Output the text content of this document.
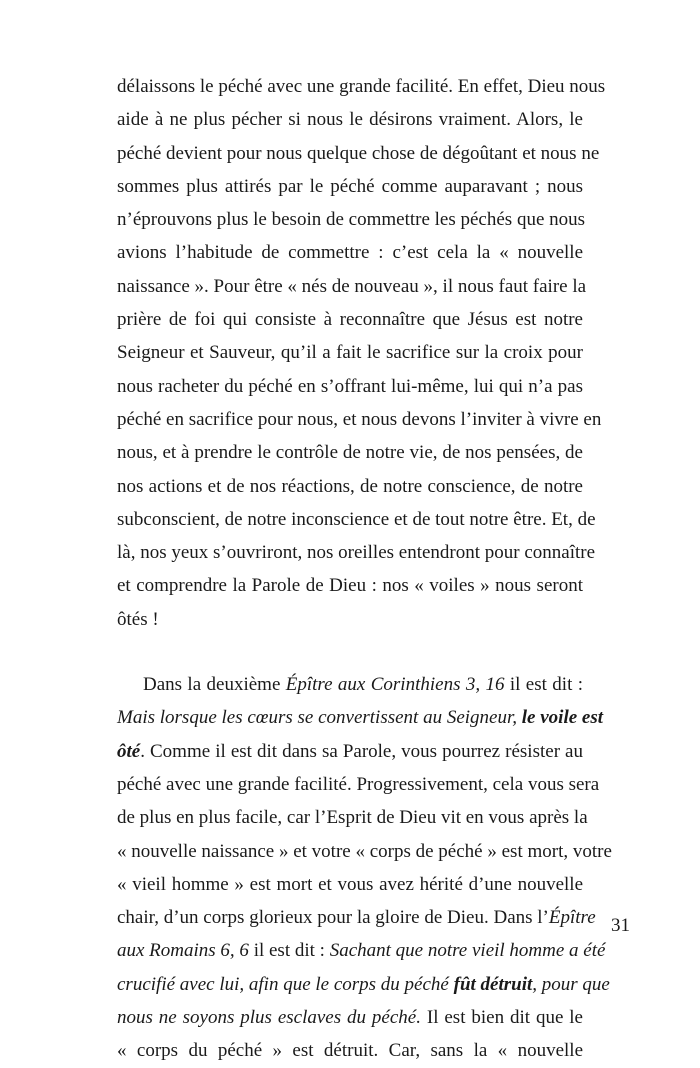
délaissons le péché avec une grande facilité. En effet, Dieu nous
aide à ne plus pécher si nous le désirons vraiment. Alors, le
péché devient pour nous quelque chose de dégoûtant et nous ne
sommes plus attirés par le péché comme auparavant ; nous
n’éprouvons plus le besoin de commettre les péchés que nous
avions l’habitude de commettre : c’est cela la « nouvelle
naissance ». Pour être « nés de nouveau », il nous faut faire la
prière de foi qui consiste à reconnaître que Jésus est notre
Seigneur et Sauveur, qu’il a fait le sacrifice sur la croix pour
nous racheter du péché en s’offrant lui-même, lui qui n’a pas
péché en sacrifice pour nous, et nous devons l’inviter à vivre en
nous, et à prendre le contrôle de notre vie, de nos pensées, de
nos actions et de nos réactions, de notre conscience, de notre
subconscient, de notre inconscience et de tout notre être. Et, de
là, nos yeux s’ouvriront, nos oreilles entendront pour connaître
et comprendre la Parole de Dieu : nos « voiles » nous seront
ôtés !
Dans la deuxième Épître aux Corinthiens 3, 16 il est dit :
Mais lorsque les cœurs se convertissent au Seigneur, le voile est
ôté. Comme il est dit dans sa Parole, vous pourrez résister au
péché avec une grande facilité. Progressivement, cela vous sera
de plus en plus facile, car l’Esprit de Dieu vit en vous après la
« nouvelle naissance » et votre « corps de péché » est mort, votre
« vieil homme » est mort et vous avez hérité d’une nouvelle
chair, d’un corps glorieux pour la gloire de Dieu. Dans l’Épître
aux Romains 6, 6 il est dit : Sachant que notre vieil homme a été
crucifié avec lui, afin que le corps du péché fût détruit, pour que
nous ne soyons plus esclaves du péché. Il est bien dit que le
« corps du péché » est détruit. Car, sans la « nouvelle
31
